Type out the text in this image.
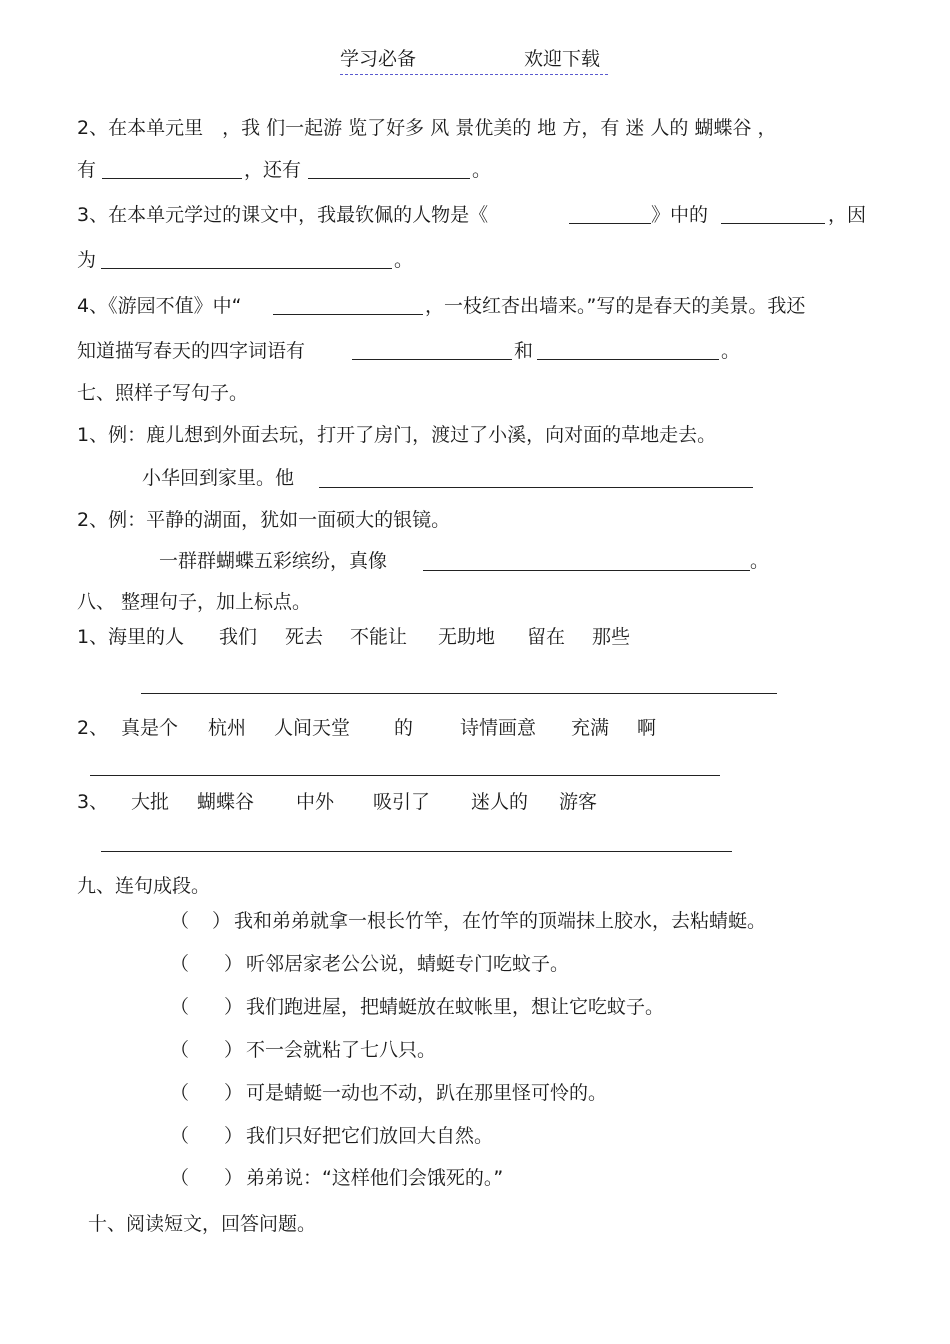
学习必备	欢迎下载
2、在本单元里　，我 们一起游 览了好多 风 景优美的 地 方，有 迷 人的 蝴蝶谷 ，
有	，还有	。
3、在本单元学过的课文中，我最钦佩的人物是《	》中的	，因
为	。
4、《游园不值》中“	，一枝红杏出墙来。”写的是春天的美景。我还
知道描写春天的四字词语有	和	。
七、照样子写句子。
1、例：鹿儿想到外面去玩，打开了房门，渡过了小溪，向对面的草地走去。
小华回到家里。他
2、例：平静的湖面，犹如一面硕大的银镜。
一群群蝴蝶五彩缤纷，真像	。
八、 整理句子，加上标点。
1、 海里的人 我们 死去 不能让 无助地 留在 那些
2、 真是个 杭州 人间天堂 的 诗情画意 充满 啊
3、 大批 蝴蝶谷 中外 吸引了 迷人的 游客
九、连句成段。
（ ） 我和弟弟就拿一根长竹竿，在竹竿的顶端抹上胶水，去粘蜻蜓。
（ ） 听邻居家老公公说，蜻蜓专门吃蚊子。
（ ） 我们跑进屋，把蜻蜓放在蚊帐里，想让它吃蚊子。
（ ） 不一会就粘了七八只。
（ ） 可是蜻蜓一动也不动，趴在那里怪可怜的。
（ ） 我们只好把它们放回大自然。
（ ） 弟弟说：“这样他们会饿死的。”
十、阅读短文，回答问题。
